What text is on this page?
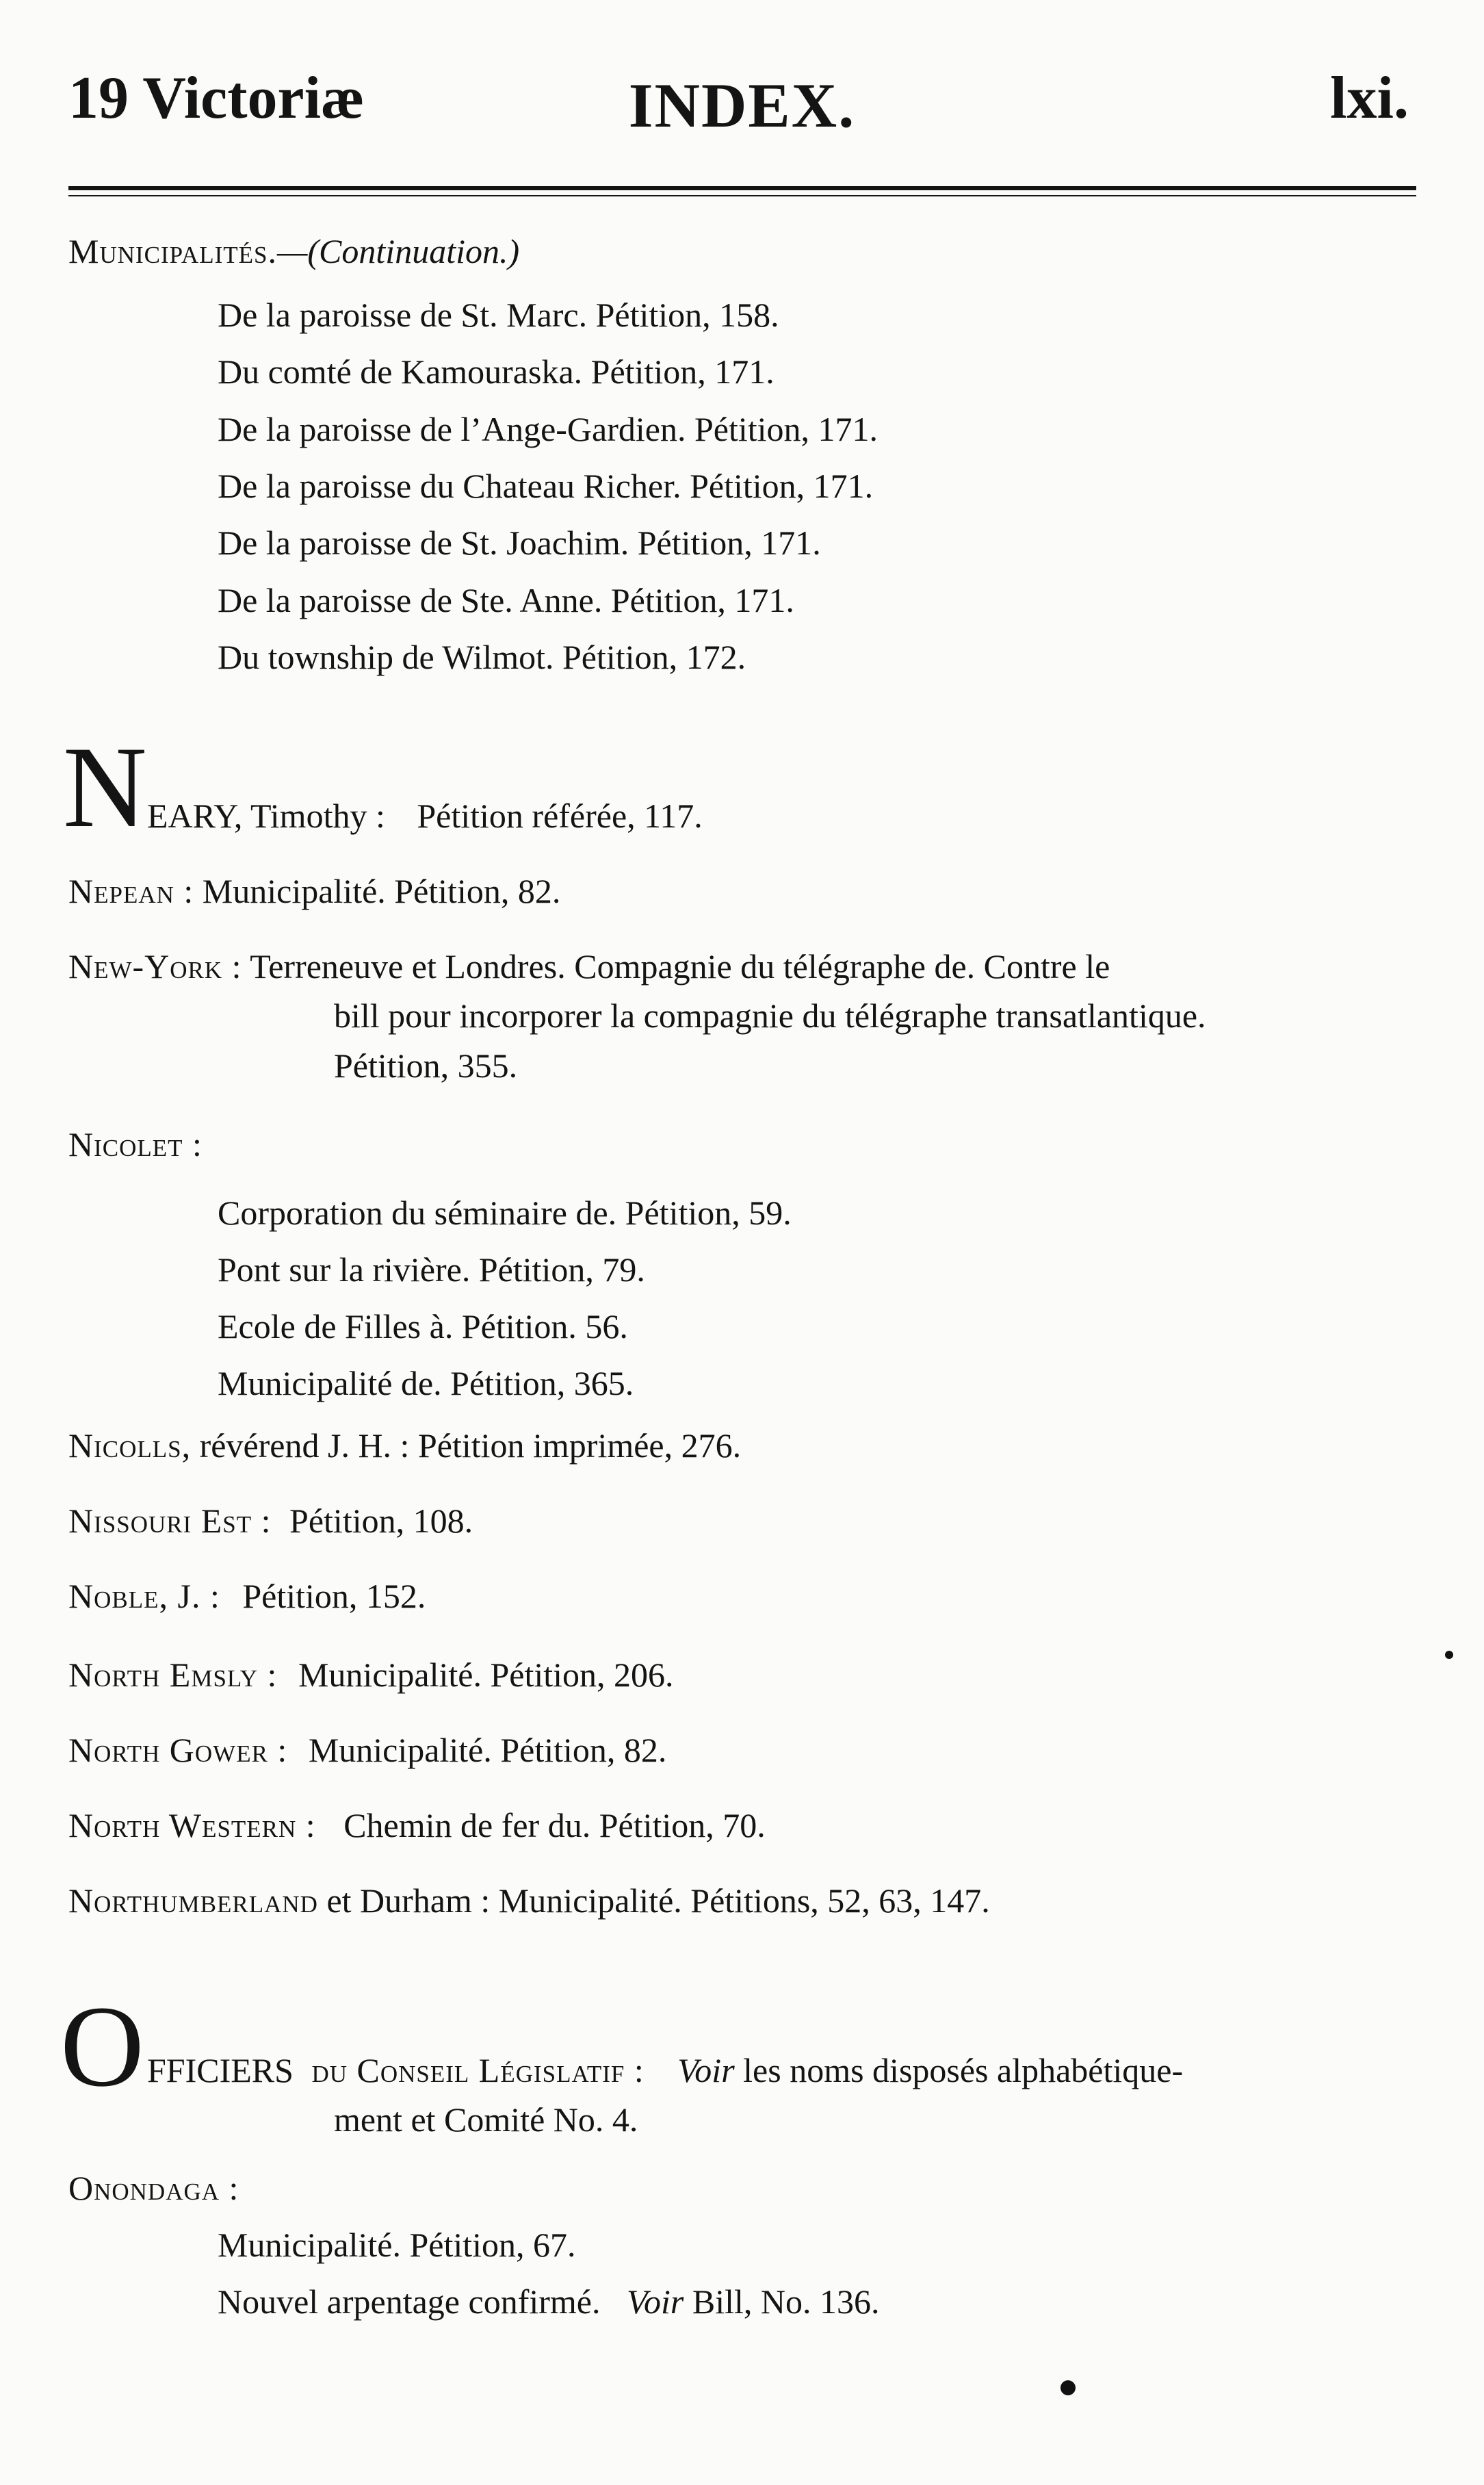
19 Victoriæ	INDEX.	lxi.
Municipalités.—(Continuation.)
De la paroisse de St. Marc. Pétition, 158.
Du comté de Kamouraska. Pétition, 171.
De la paroisse de l’Ange-Gardien. Pétition, 171.
De la paroisse du Chateau Richer. Pétition, 171.
De la paroisse de St. Joachim. Pétition, 171.
De la paroisse de Ste. Anne. Pétition, 171.
Du township de Wilmot. Pétition, 172.
N EARY, Timothy : Pétition référée, 117.
Nepean : Municipalité. Pétition, 82.
New-York : Terreneuve et Londres. Compagnie du télégraphe de. Contre le
bill pour incorporer la compagnie du télégraphe transatlantique.
Pétition, 355.
Nicolet :
Corporation du séminaire de. Pétition, 59.
Pont sur la rivière. Pétition, 79.
Ecole de Filles à. Pétition. 56.
Municipalité de. Pétition, 365.
Nicolls, révérend J. H. : Pétition imprimée, 276.
Nissouri Est : Pétition, 108.
Noble, J. : Pétition, 152.
North Emsly : Municipalité. Pétition, 206.
North Gower : Municipalité. Pétition, 82.
North Western : Chemin de fer du. Pétition, 70.
Northumberland et Durham : Municipalité. Pétitions, 52, 63, 147.
O FFICIERS du Conseil Législatif : Voir les noms disposés alphabétique-
ment et Comité No. 4.
Onondaga :
Municipalité. Pétition, 67.
Nouvel arpentage confirmé. Voir Bill, No. 136.
